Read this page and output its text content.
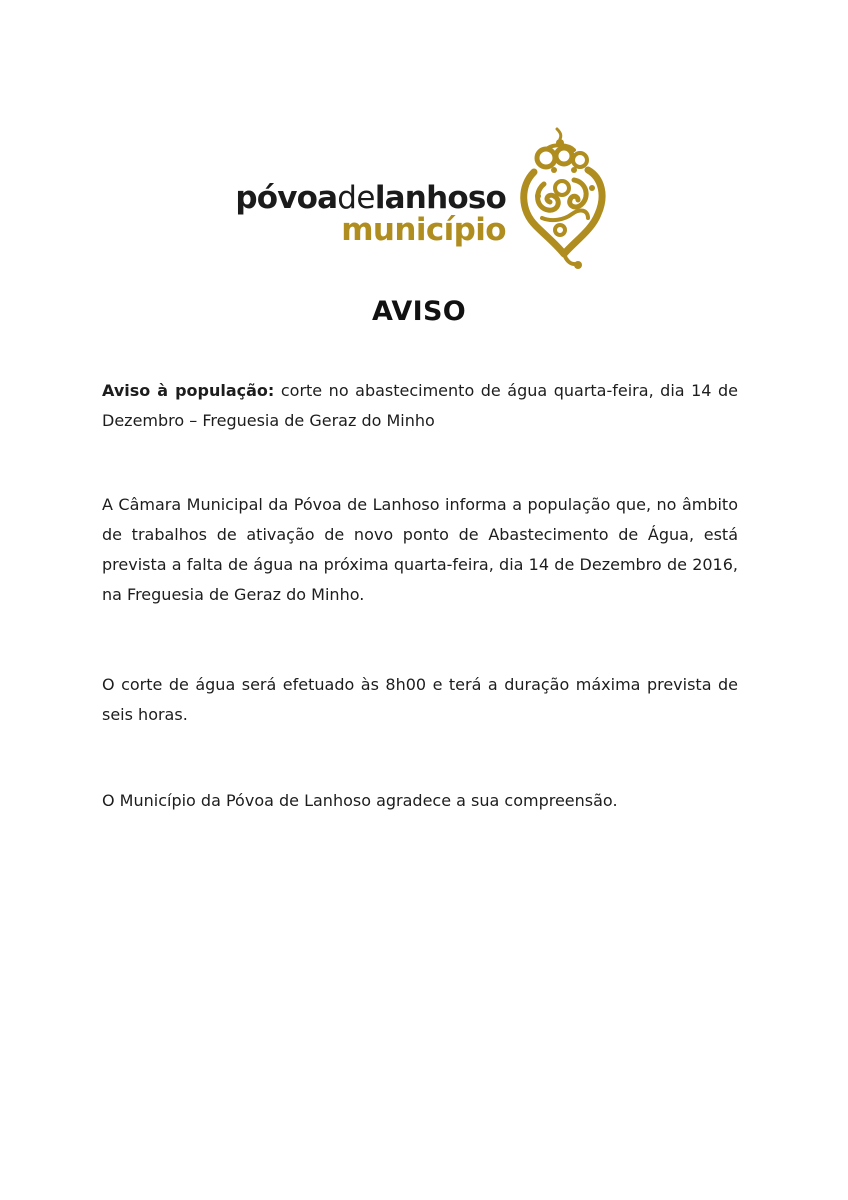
póvoadelanhoso
município
AVISO

Aviso à população: corte no abastecimento de água quarta-feira, dia 14 de Dezembro – Freguesia de Geraz do Minho

A Câmara Municipal da Póvoa de Lanhoso informa a população que, no âmbito de trabalhos de ativação de novo ponto de Abastecimento de Água, está prevista a falta de água na próxima quarta-feira, dia 14 de Dezembro de 2016, na Freguesia de Geraz do Minho.

O corte de água será efetuado às 8h00 e terá a duração máxima prevista de seis horas.

O Município da Póvoa de Lanhoso agradece a sua compreensão.
